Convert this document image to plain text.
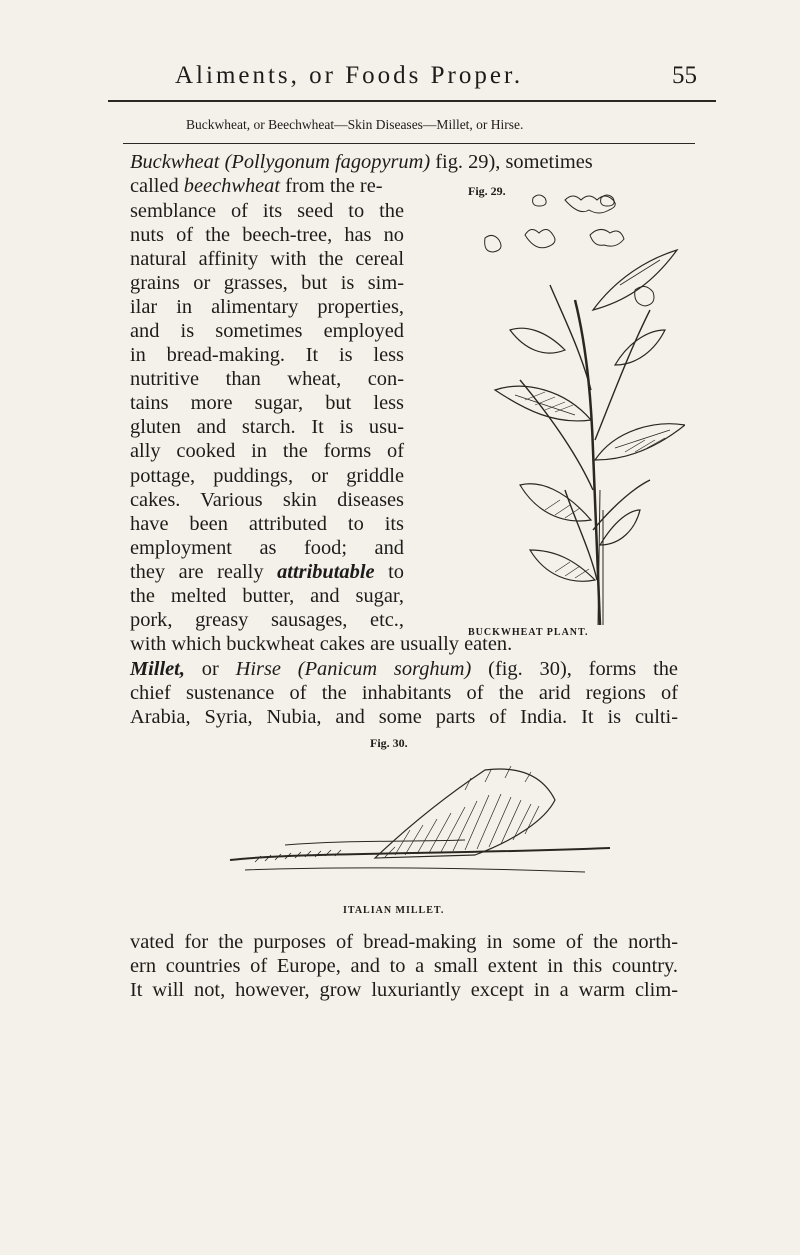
Aliments, or Foods Proper.	55
Buckwheat, or Beechwheat—Skin Diseases—Millet, or Hirse.
Buckwheat (Pollygonum fagopyrum) fig. 29), sometimes
Fig. 29.
called beechwheat from the re-
semblance of its seed to the
nuts of the beech-tree, has no
natural affinity with the cereal
grains or grasses, but is sim-
ilar in alimentary properties,
and is sometimes employed
in bread-making. It is less
nutritive than wheat, con-
tains more sugar, but less
gluten and starch. It is usu-
ally cooked in the forms of
pottage, puddings, or griddle
cakes. Various skin diseases
have been attributed to its
employment as food; and
they are really attributable to
the melted butter, and sugar,
pork, greasy sausages, etc.,
BUCKWHEAT PLANT.
with which buckwheat cakes are usually eaten.
Millet, or Hirse (Panicum sorghum) (fig. 30), forms the
chief sustenance of the inhabitants of the arid regions of
Arabia, Syria, Nubia, and some parts of India. It is culti-
Fig. 30.
ITALIAN MILLET.
vated for the purposes of bread-making in some of the north-
ern countries of Europe, and to a small extent in this country.
It will not, however, grow luxuriantly except in a warm clim-
